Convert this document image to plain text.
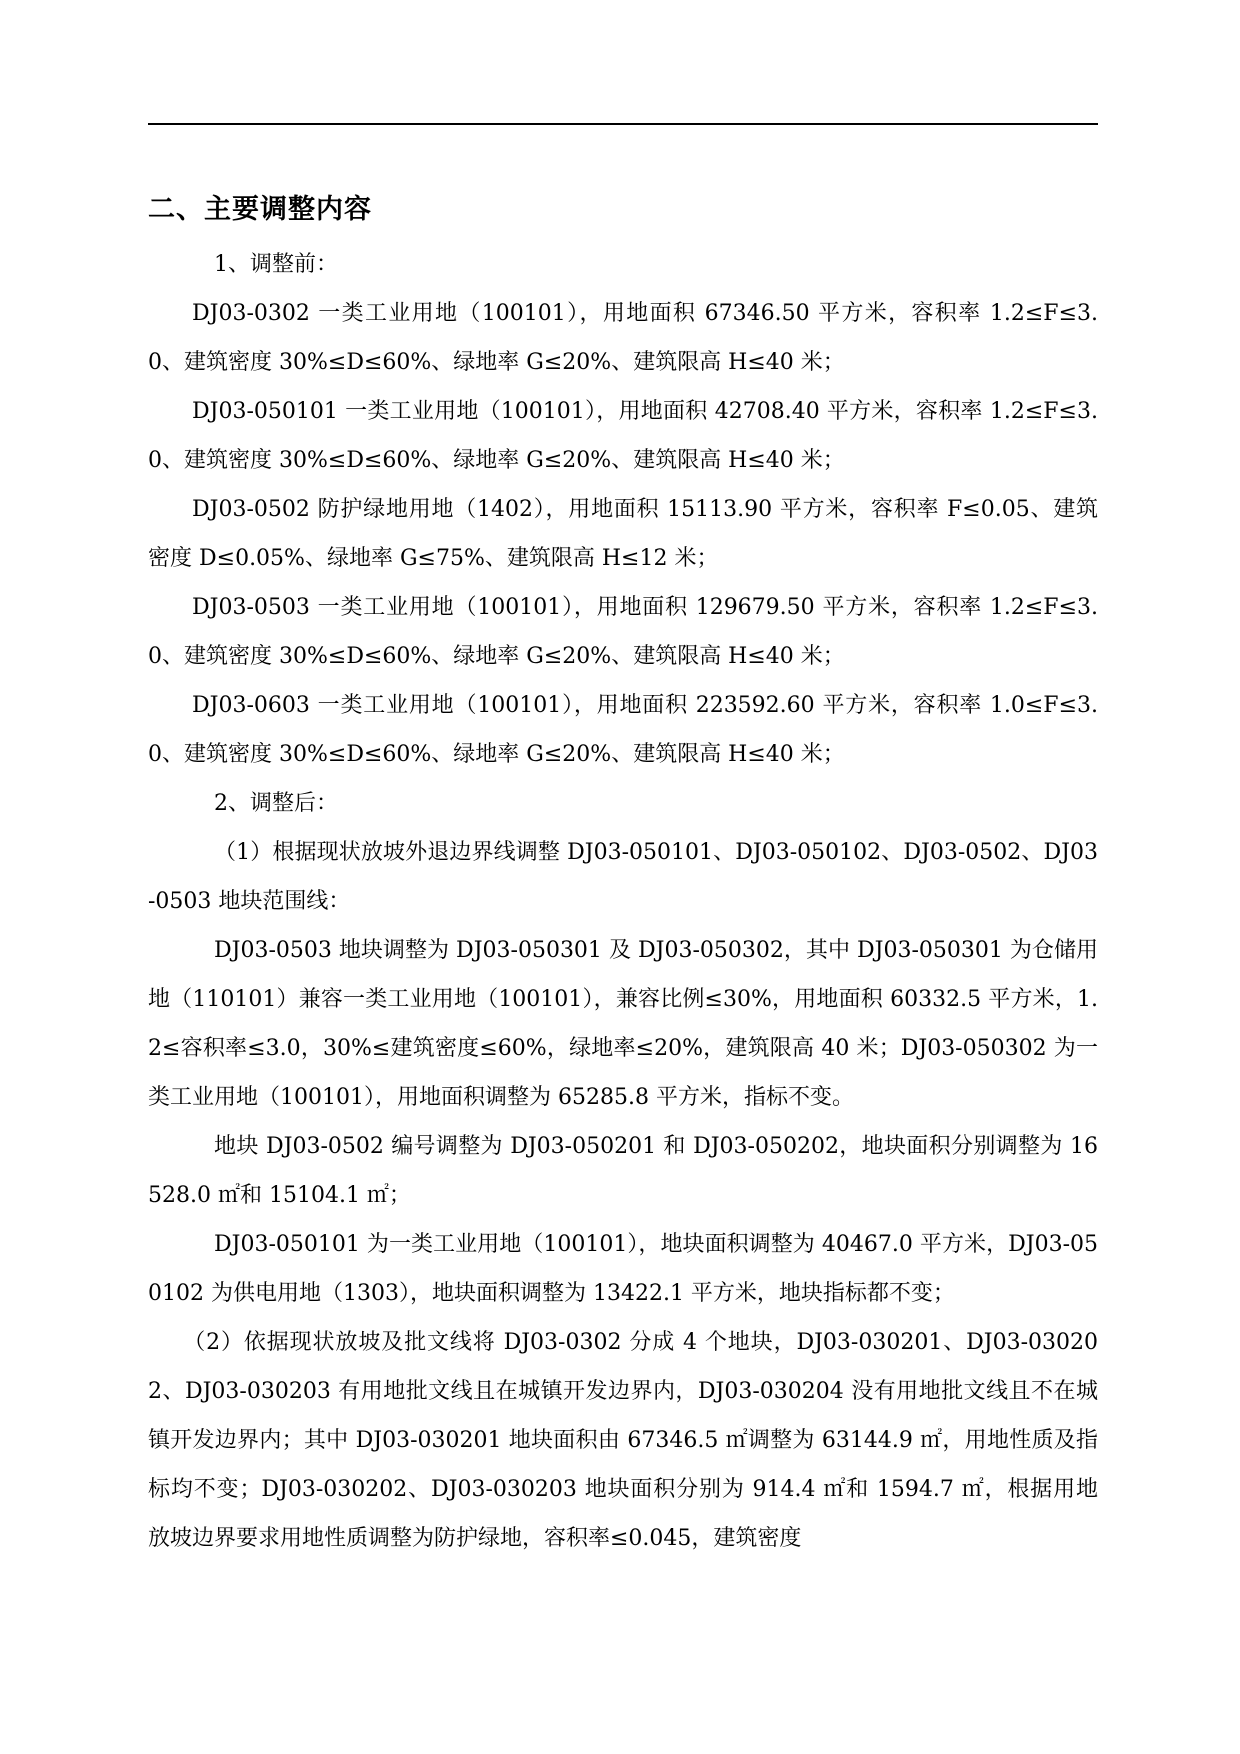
二、主要调整内容

1、调整前：

DJ03-0302 一类工业用地（100101），用地面积 67346.50 平方米，容积率 1.2≤F≤3.0、建筑密度 30%≤D≤60%、绿地率 G≤20%、建筑限高 H≤40 米；

DJ03-050101 一类工业用地（100101），用地面积 42708.40 平方米，容积率 1.2≤F≤3.0、建筑密度 30%≤D≤60%、绿地率 G≤20%、建筑限高 H≤40 米；

DJ03-0502 防护绿地用地（1402），用地面积 15113.90 平方米，容积率 F≤0.05、建筑密度 D≤0.05%、绿地率 G≤75%、建筑限高 H≤12 米；

DJ03-0503 一类工业用地（100101），用地面积 129679.50 平方米，容积率 1.2≤F≤3.0、建筑密度 30%≤D≤60%、绿地率 G≤20%、建筑限高 H≤40 米；

DJ03-0603 一类工业用地（100101），用地面积 223592.60 平方米，容积率 1.0≤F≤3.0、建筑密度 30%≤D≤60%、绿地率 G≤20%、建筑限高 H≤40 米；

2、调整后：

（1）根据现状放坡外退边界线调整 DJ03-050101、DJ03-050102、DJ03-0502、DJ03-0503 地块范围线：

DJ03-0503 地块调整为 DJ03-050301 及 DJ03-050302，其中 DJ03-050301 为仓储用地（110101）兼容一类工业用地（100101），兼容比例≤30%，用地面积 60332.5 平方米，1.2≤容积率≤3.0，30%≤建筑密度≤60%，绿地率≤20%，建筑限高 40 米；DJ03-050302 为一类工业用地（100101），用地面积调整为 65285.8 平方米，指标不变。

地块 DJ03-0502 编号调整为 DJ03-050201 和 DJ03-050202，地块面积分别调整为 16528.0 ㎡和 15104.1 ㎡；

DJ03-050101 为一类工业用地（100101），地块面积调整为 40467.0 平方米，DJ03-050102 为供电用地（1303），地块面积调整为 13422.1 平方米，地块指标都不变；

（2）依据现状放坡及批文线将 DJ03-0302 分成 4 个地块，DJ03-030201、DJ03-030202、DJ03-030203 有用地批文线且在城镇开发边界内，DJ03-030204 没有用地批文线且不在城镇开发边界内；其中 DJ03-030201 地块面积由 67346.5 ㎡调整为 63144.9 ㎡，用地性质及指标均不变；DJ03-030202、DJ03-030203 地块面积分别为 914.4 ㎡和 1594.7 ㎡，根据用地放坡边界要求用地性质调整为防护绿地，容积率≤0.045，建筑密度
